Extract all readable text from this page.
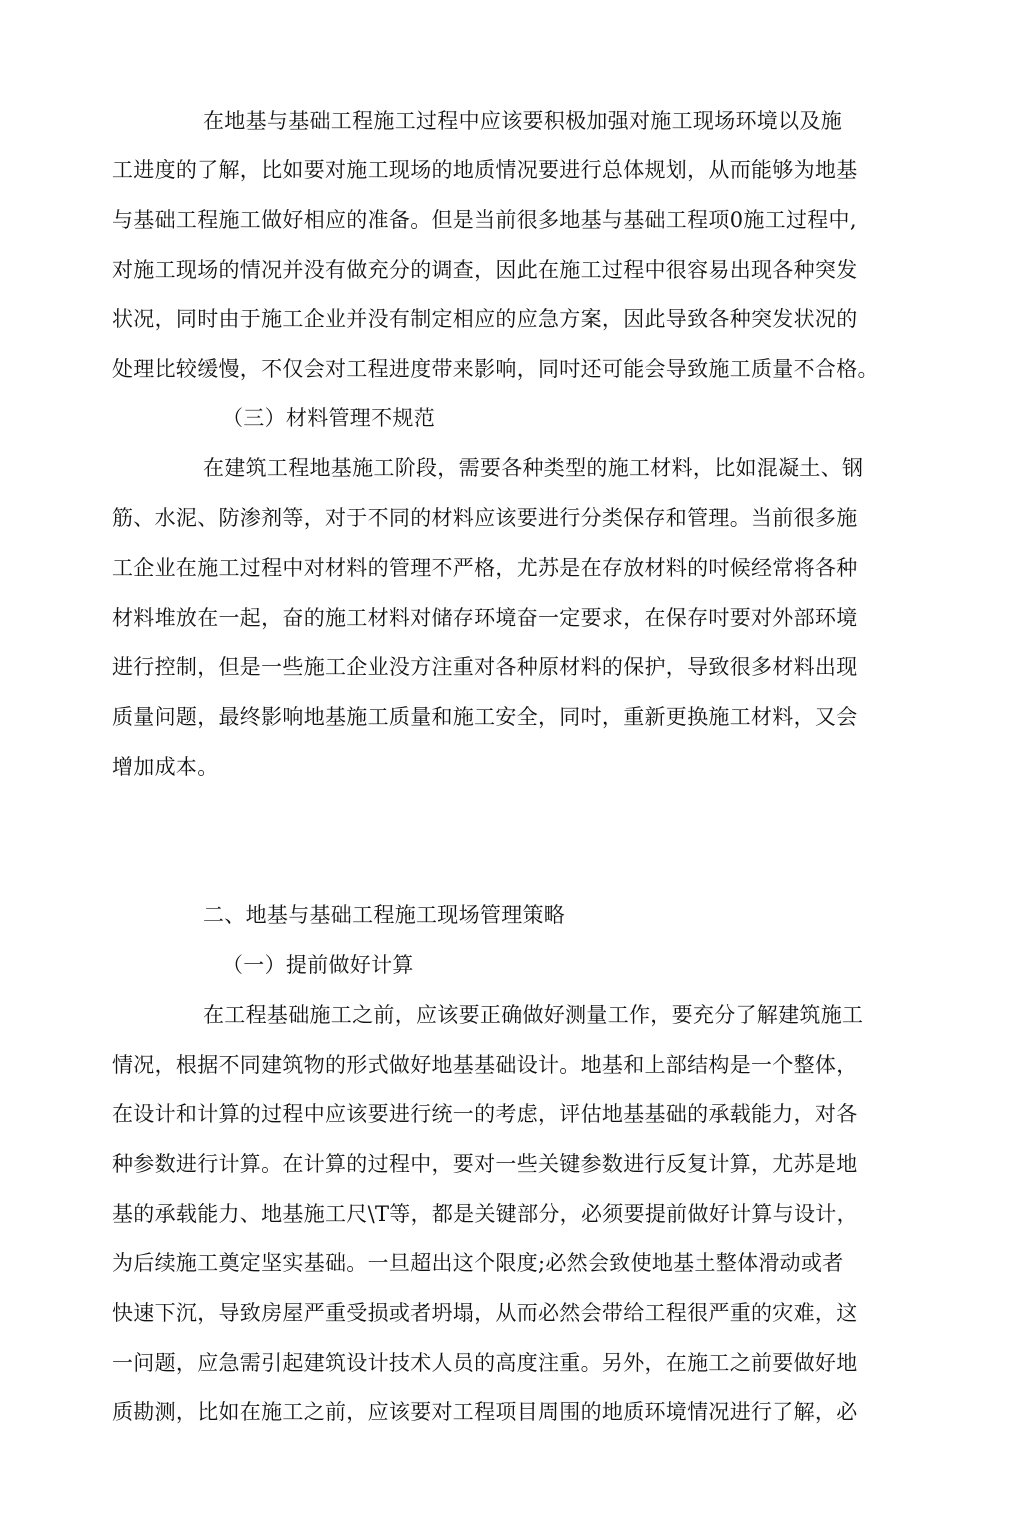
在地基与基础工程施工过程中应该要积极加强对施工现场环境以及施
工进度的了解，比如要对施工现场的地质情况要进行总体规划，从而能够为地基
与基础工程施工做好相应的准备。但是当前很多地基与基础工程项0施工过程中,
对施工现场的情况并没有做充分的调查，因此在施工过程中很容易出现各种突发
状况，同时由于施工企业并没有制定相应的应急方案，因此导致各种突发状况的
处理比较缓慢，不仅会对工程进度带来影响，同吋还可能会导致施工质量不合格。
（三）材料管理不规范
在建筑工程地基施工阶段，需要各种类型的施工材料，比如混凝土、钢
筋、水泥、防渗剂等，对于不同的材料应该要进行分类保存和管理。当前很多施
工企业在施工过程中对材料的管理不严格，尤苏是在存放材料的吋候经常将各种
材料堆放在一起，奋的施工材料对储存环境奋一定要求，在保存吋要对外部环境
进行控制，但是一些施工企业没方注重对各种原材料的保护，导致很多材料出现
质量问题，最终影响地基施工质量和施工安全，同吋，重新更换施工材料，又会
增加成本。
二、地基与基础工程施工现场管理策略
（一）提前做好计算
在工程基础施工之前，应该要正确做好测量工作，要充分了解建筑施工
情况，根据不同建筑物的形式做好地基基础设计。地基和上部结构是一个整体，
在设计和计算的过程中应该要进行统一的考虑，评估地基基础的承载能力，对各
种参数进行计算。在计算的过程中，要对一些关键参数进行反复计算，尤苏是地
基的承载能力、地基施工尺\T等，都是关键部分，必须要提前做好计算与设计，
为后续施工奠定坚实基础。一旦超出这个限度;必然会致使地基土整体滑动或者
快速下沉，导致房屋严重受损或者坍塌，从而必然会带给工程很严重的灾难，这
一问题，应急需引起建筑设计技术人员的高度注重。另外，在施工之前要做好地
质勘测，比如在施工之前，应该要对工程项目周围的地质环境情况进行了解，必
